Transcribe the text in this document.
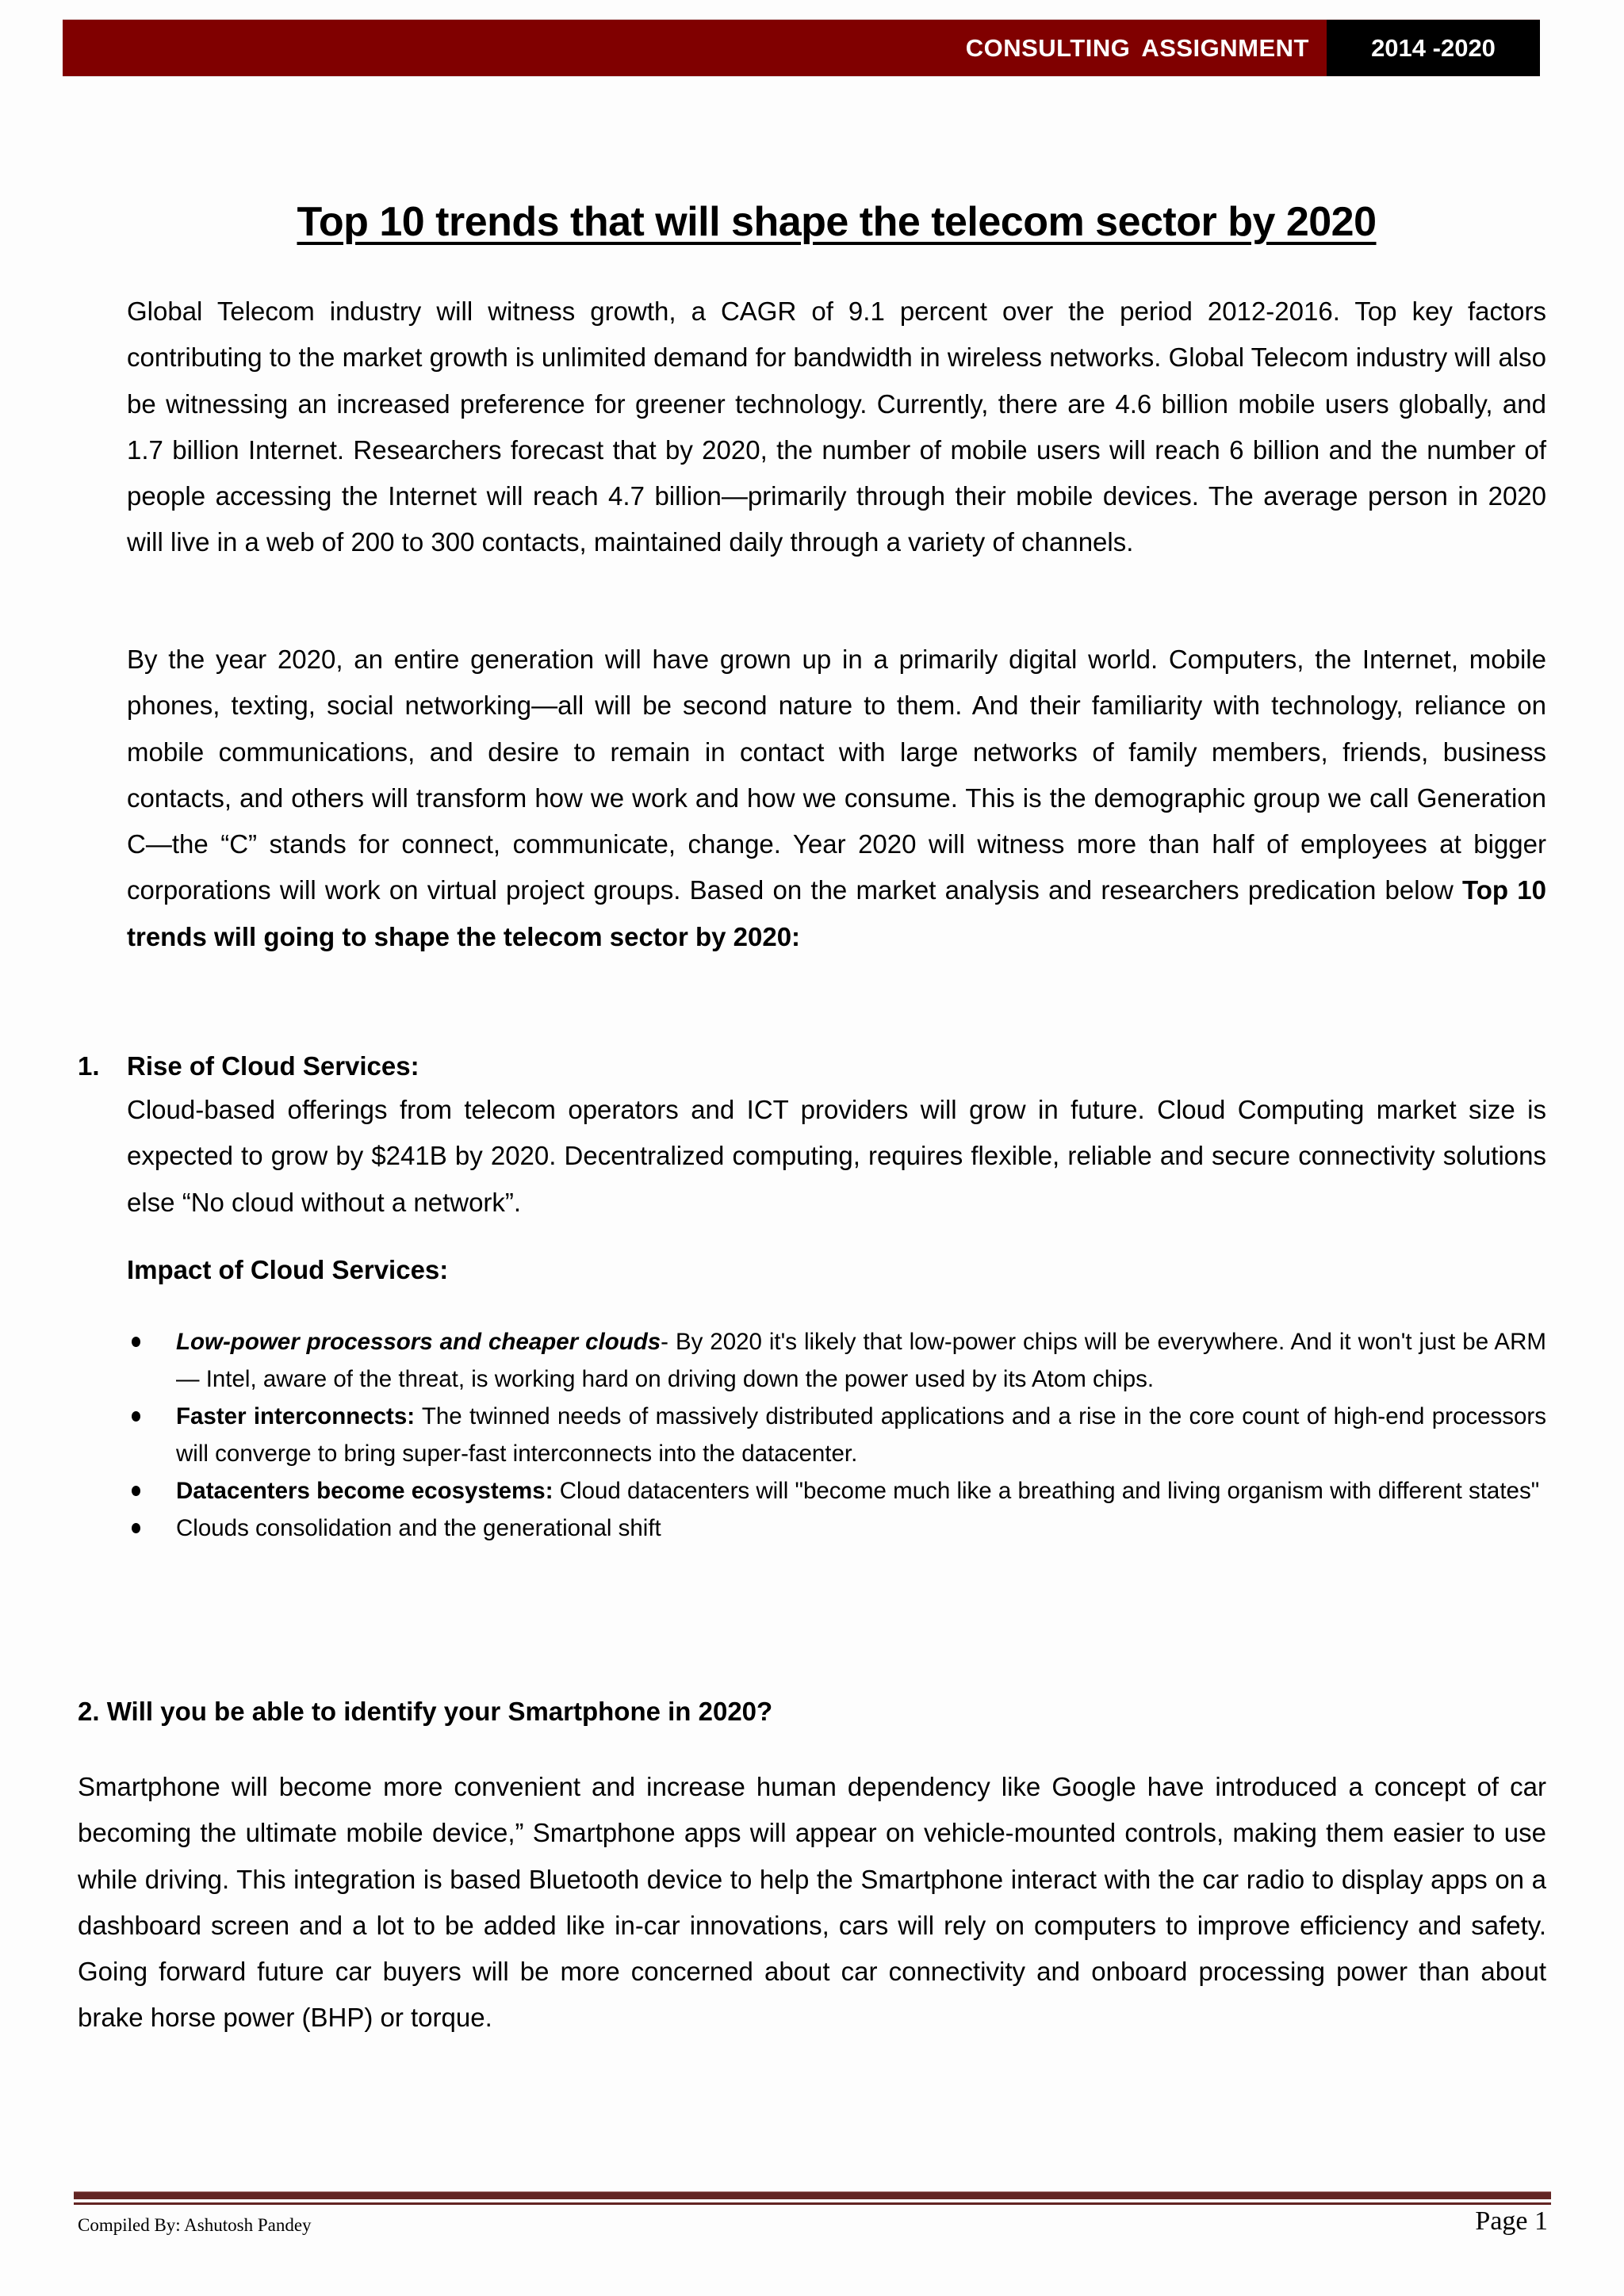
CONSULTING ASSIGNMENT	2014 -2020
Top 10 trends that will shape the telecom sector by 2020

Global Telecom industry will witness growth, a CAGR of 9.1 percent over the period 2012-2016. Top key factors contributing to the market growth is unlimited demand for bandwidth in wireless networks. Global Telecom industry will also be witnessing an increased preference for greener technology. Currently, there are 4.6 billion mobile users globally, and 1.7 billion Internet. Researchers forecast that by 2020, the number of mobile users will reach 6 billion and the number of people accessing the Internet will reach 4.7 billion—primarily through their mobile devices. The average person in 2020 will live in a web of 200 to 300 contacts, maintained daily through a variety of channels.

By the year 2020, an entire generation will have grown up in a primarily digital world. Computers, the Internet, mobile phones, texting, social networking—all will be second nature to them. And their familiarity with technology, reliance on mobile communications, and desire to remain in contact with large networks of family members, friends, business contacts, and others will transform how we work and how we consume. This is the demographic group we call Generation C—the “C” stands for connect, communicate, change. Year 2020 will witness more than half of employees at bigger corporations will work on virtual project groups. Based on the market analysis and researchers predication below Top 10 trends will going to shape the telecom sector by 2020:

1. Rise of Cloud Services:

Cloud-based offerings from telecom operators and ICT providers will grow in future. Cloud Computing market size is expected to grow by $241B by 2020. Decentralized computing, requires flexible, reliable and secure connectivity solutions else “No cloud without a network”.

Impact of Cloud Services:
Low-power processors and cheaper clouds- By 2020 it's likely that low-power chips will be everywhere. And it won't just be ARM — Intel, aware of the threat, is working hard on driving down the power used by its Atom chips.
Faster interconnects: The twinned needs of massively distributed applications and a rise in the core count of high-end processors will converge to bring super-fast interconnects into the datacenter.
Datacenters become ecosystems: Cloud datacenters will "become much like a breathing and living organism with different states"
Clouds consolidation and the generational shift
2. Will you be able to identify your Smartphone in 2020?

Smartphone will become more convenient and increase human dependency like Google have introduced a concept of car becoming the ultimate mobile device,” Smartphone apps will appear on vehicle-mounted controls, making them easier to use while driving. This integration is based Bluetooth device to help the Smartphone interact with the car radio to display apps on a dashboard screen and a lot to be added like in-car innovations, cars will rely on computers to improve efficiency and safety. Going forward future car buyers will be more concerned about car connectivity and onboard processing power than about brake horse power (BHP) or torque.

Compiled By: Ashutosh Pandey	Page 1
